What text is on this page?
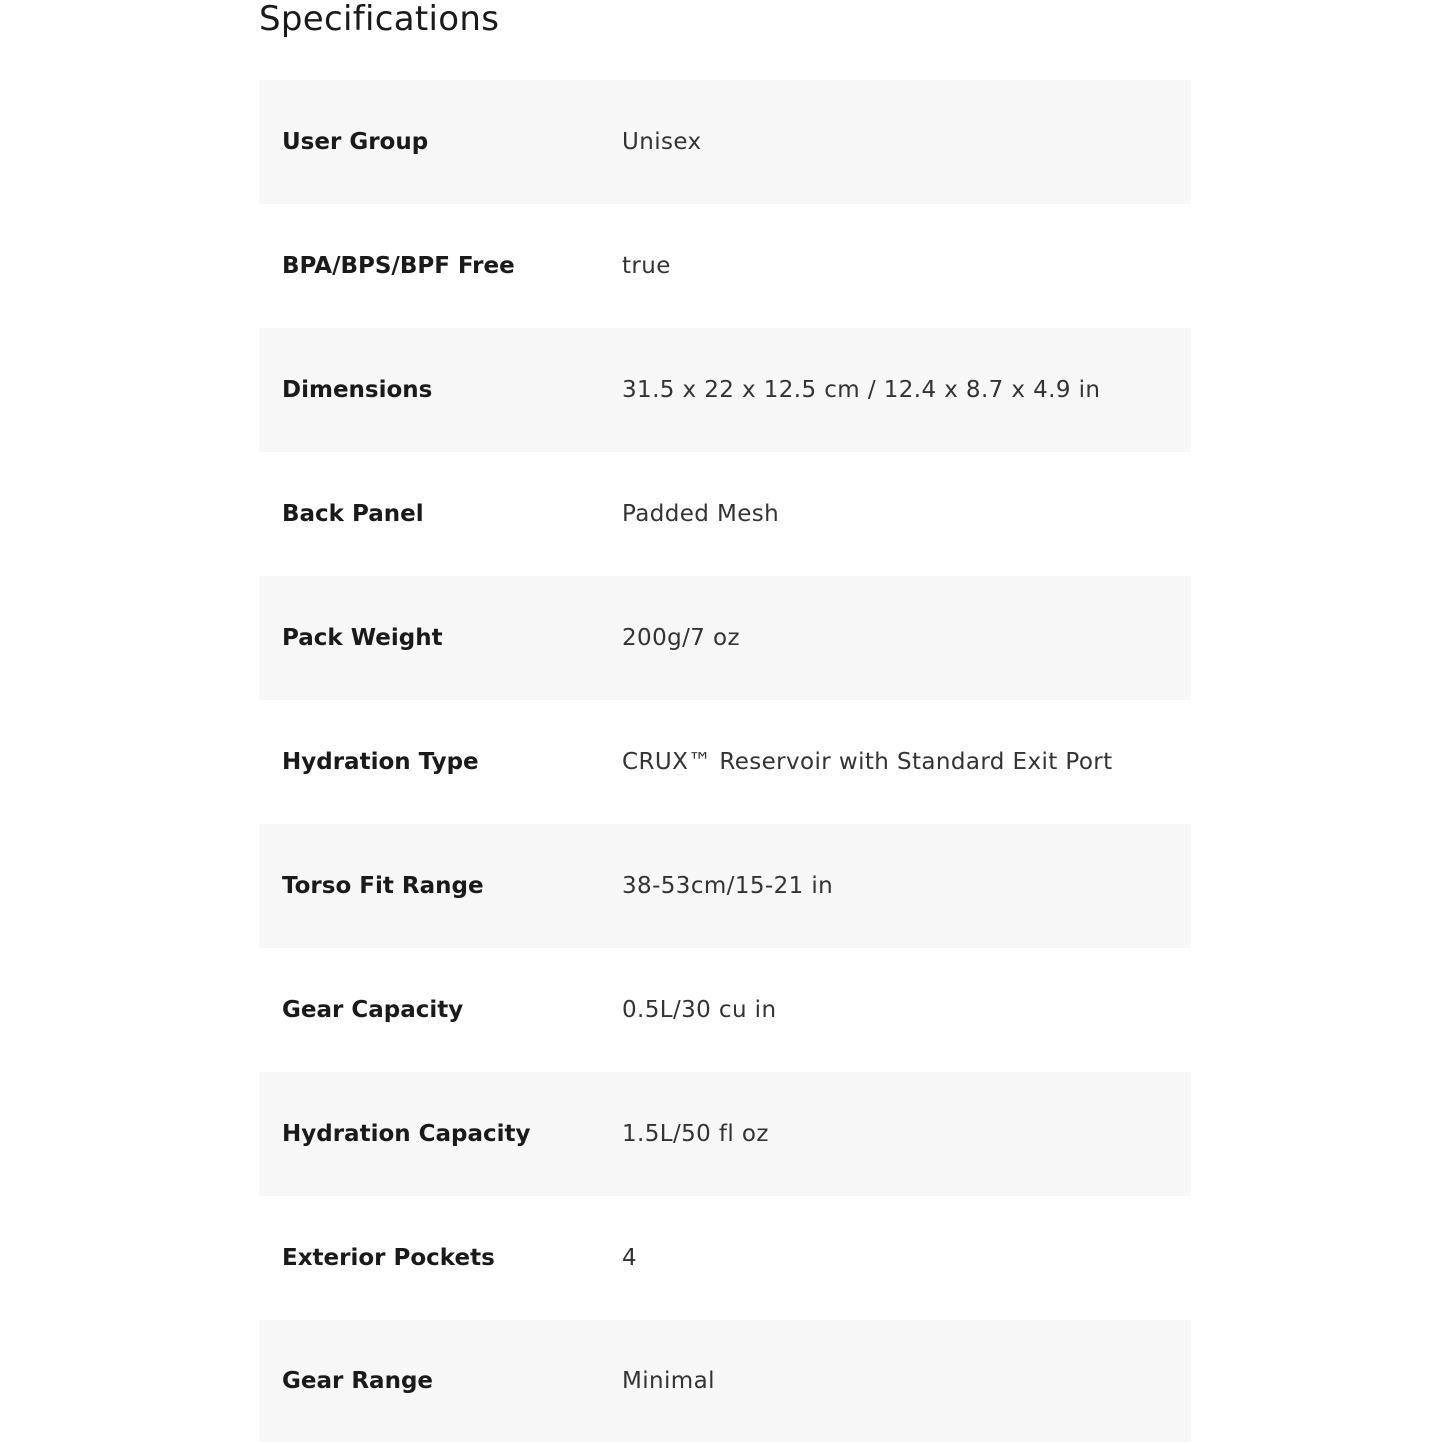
Specifications
User Group	Unisex
BPA/BPS/BPF Free	true
Dimensions	31.5 x 22 x 12.5 cm / 12.4 x 8.7 x 4.9 in
Back Panel	Padded Mesh
Pack Weight	200g/7 oz
Hydration Type	CRUX™ Reservoir with Standard Exit Port
Torso Fit Range	38-53cm/15-21 in
Gear Capacity	0.5L/30 cu in
Hydration Capacity	1.5L/50 fl oz
Exterior Pockets	4
Gear Range	Minimal
